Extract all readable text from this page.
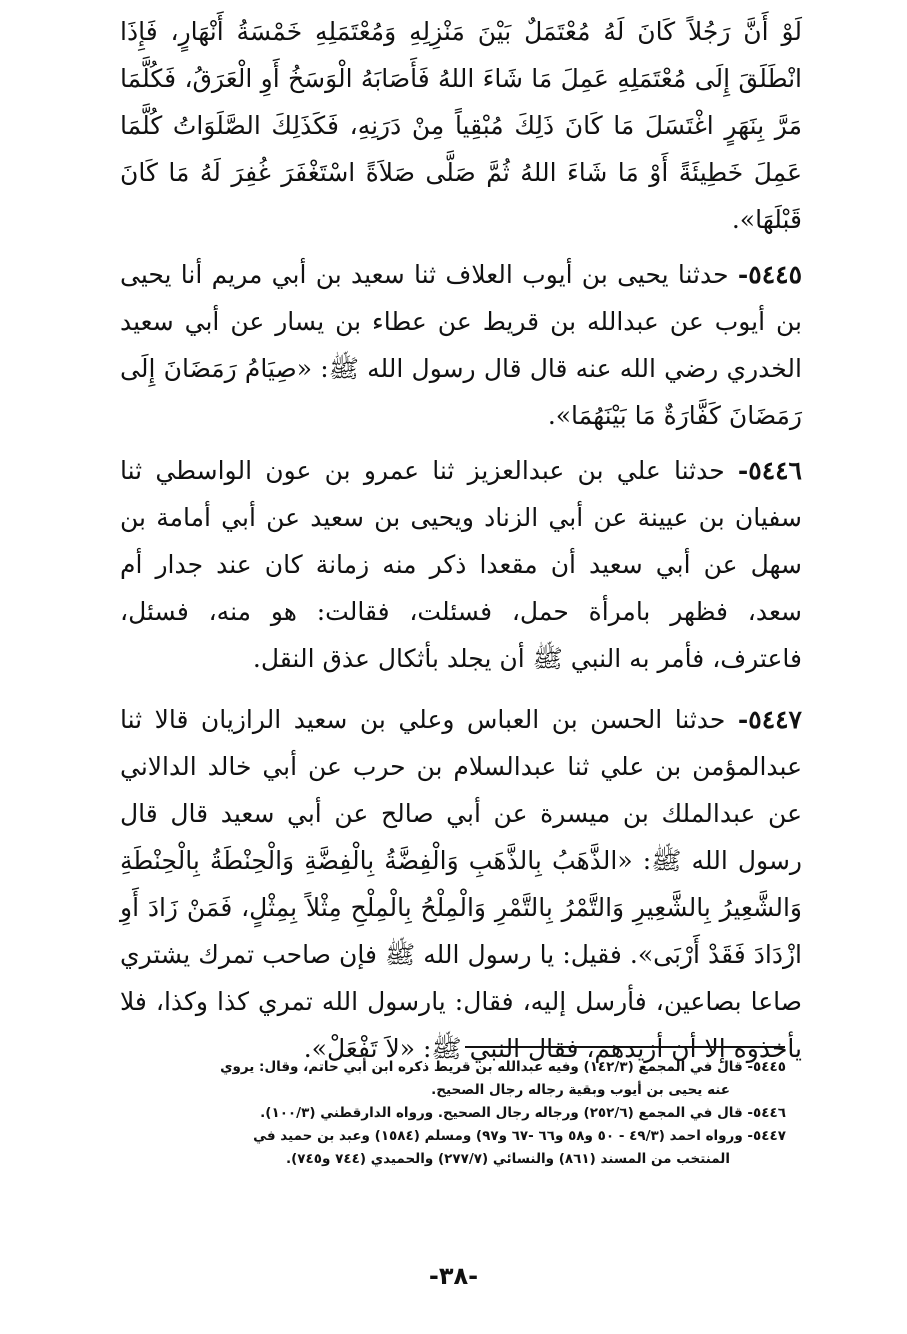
لَوْ أَنَّ رَجُلاً كَانَ لَهُ مُعْتَمَلٌ بَيْنَ مَنْزِلِهِ وَمُعْتَمَلِهِ خَمْسَةُ أَنْهَارٍ، فَإِذَا انْطَلَقَ إِلَى مُعْتَمَلِهِ عَمِلَ مَا شَاءَ اللهُ فَأَصَابَهُ الْوَسَخُ أَوِ الْعَرَقُ، فَكُلَّمَا مَرَّ بِنَهَرٍ اغْتَسَلَ مَا كَانَ ذَلِكَ مُبْقِياً مِنْ دَرَنِهِ، فَكَذَلِكَ الصَّلَوَاتُ كُلَّمَا عَمِلَ خَطِيئَةً أَوْ مَا شَاءَ اللهُ ثُمَّ صَلَّى صَلاَةً اسْتَغْفَرَ غُفِرَ لَهُ مَا كَانَ قَبْلَهَا».

٥٤٤٥- حدثنا يحيى بن أيوب العلاف ثنا سعيد بن أبي مريم أنا يحيى بن أيوب عن عبدالله بن قريط عن عطاء بن يسار عن أبي سعيد الخدري رضي الله عنه قال قال رسول الله ﷺ: «صِيَامُ رَمَضَانَ إِلَى رَمَضَانَ كَفَّارَةٌ مَا بَيْنَهُمَا».

٥٤٤٦- حدثنا علي بن عبدالعزيز ثنا عمرو بن عون الواسطي ثنا سفيان بن عيينة عن أبي الزناد ويحيى بن سعيد عن أبي أمامة بن سهل عن أبي سعيد أن مقعدا ذكر منه زمانة كان عند جدار أم سعد، فظهر بامرأة حمل، فسئلت، فقالت: هو منه، فسئل، فاعترف، فأمر به النبي ﷺ أن يجلد بأثكال عذق النقل.

٥٤٤٧- حدثنا الحسن بن العباس وعلي بن سعيد الرازيان قالا ثنا عبدالمؤمن بن علي ثنا عبدالسلام بن حرب عن أبي خالد الدالاني عن عبدالملك بن ميسرة عن أبي صالح عن أبي سعيد قال قال رسول الله ﷺ: «الذَّهَبُ بِالذَّهَبِ وَالْفِضَّةُ بِالْفِضَّةِ وَالْحِنْطَةُ بِالْحِنْطَةِ وَالشَّعِيرُ بِالشَّعِيرِ وَالتَّمْرُ بِالتَّمْرِ وَالْمِلْحُ بِالْمِلْحِ مِثْلاً بِمِثْلٍ، فَمَنْ زَادَ أَوِ ازْدَادَ فَقَدْ أَرْبَى». فقيل: يا رسول الله ﷺ فإن صاحب تمرك يشتري صاعا بصاعين، فأرسل إليه، فقال: يارسول الله تمري كذا وكذا، فلا يأخذوه إلا أن أزيدهم، فقال النبي ﷺ: «لاَ تَفْعَلْ».

٥٤٤٥- قال في المجمع (١٤٢/٣) وفيه عبدالله بن قريط ذكره ابن أبي حاتم، وقال: يروي

عنه يحيى بن أيوب وبقية رجاله رجال الصحيح.

٥٤٤٦- قال في المجمع (٢٥٢/٦) ورجاله رجال الصحيح. ورواه الدارقطني (١٠٠/٣).

٥٤٤٧- ورواه احمد (٤٩/٣ - ٥٠ و٥٨ و٦٦ -٦٧ و٩٧) ومسلم (١٥٨٤) وعبد بن حميد في

المنتخب من المسند (٨٦١) والنسائي (٢٧٧/٧) والحميدي (٧٤٤ و٧٤٥).

-٣٨-
